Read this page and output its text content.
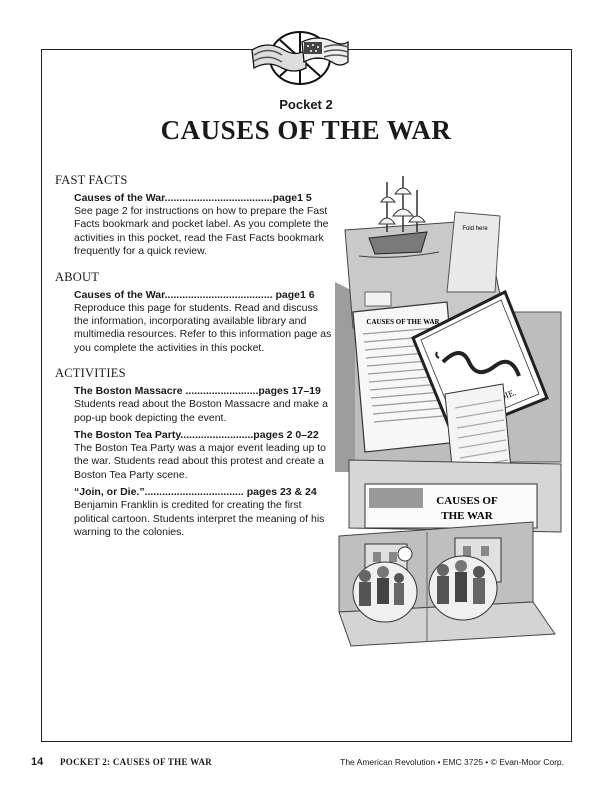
Pocket 2
CAUSES OF THE WAR
FAST FACTS
Causes of the War.....................................page1 5

See page 2 for instructions on how to prepare the Fast Facts bookmark and pocket label. As you complete the activities in this pocket, read the Fast Facts bookmark frequently for a quick review.

ABOUT
Causes of the War..................................... page1 6

Reproduce this page for students. Read and discuss the information, incorporating available library and multimedia resources. Refer to this information page as you complete the activities in this pocket.

ACTIVITIES
The Boston Massacre .........................pages 17–19

Students read about the Boston Massacre and make a pop-up book depicting the event.

The Boston Tea Party.........................pages 2 0–22

The Boston Tea Party was a major event leading up to the war. Students read about this protest and create a Boston Tea Party scene.

“Join, or Die.”.................................. pages 23 & 24

Benjamin Franklin is credited for creating the first political cartoon. Students interpret the meaning of his warning to the colonies.

Fold here
CAUSES OF THE WAR
DIE.
CAUSES OF
THE WAR
14 POCKET 2: CAUSES OF THE WAR	The American Revolution • EMC 3725 • © Evan-Moor Corp.
